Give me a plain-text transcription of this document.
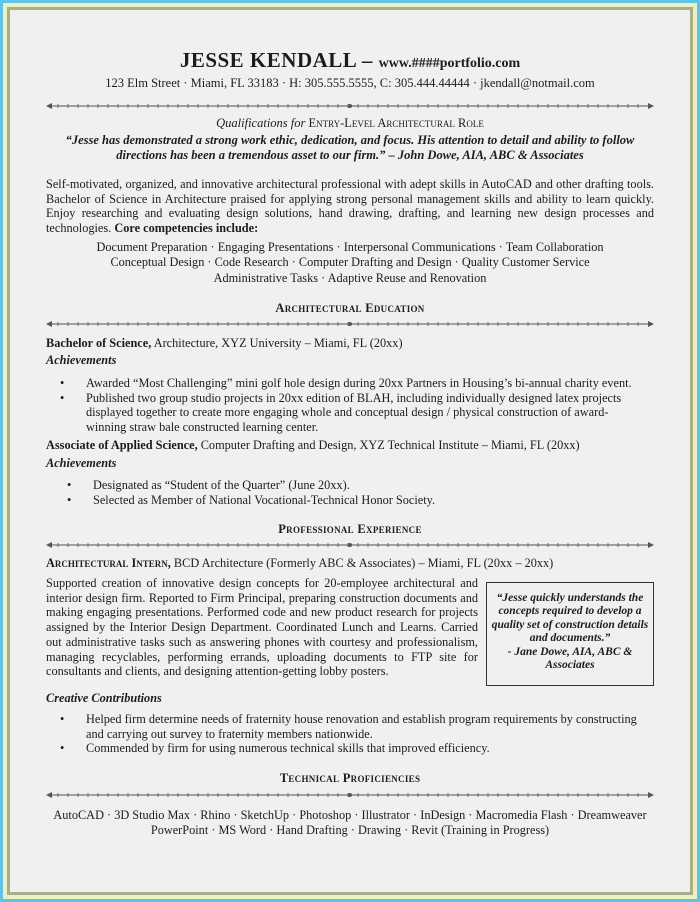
JESSE KENDALL – www.####portfolio.com
123 Elm Street · Miami, FL 33183 · H: 305.555.5555, C: 305.444.44444 · jkendall@notmail.com
Qualifications for Entry-Level Architectural Role
“Jesse has demonstrated a strong work ethic, dedication, and focus. His attention to detail and ability to follow
directions has been a tremendous asset to our firm.” – John Dowe, AIA, ABC & Associates
Self-motivated, organized, and innovative architectural professional with adept skills in AutoCAD and other drafting tools. Bachelor of Science in Architecture praised for applying strong personal management skills and ability to learn quickly. Enjoy researching and evaluating design solutions, hand drawing, drafting, and learning new design processes and technologies. Core competencies include:
Document Preparation · Engaging Presentations · Interpersonal Communications · Team Collaboration
Conceptual Design · Code Research · Computer Drafting and Design · Quality Customer Service
Administrative Tasks · Adaptive Reuse and Renovation
Architectural Education
Bachelor of Science, Architecture, XYZ University – Miami, FL (20xx)
Achievements
• Awarded “Most Challenging” mini golf hole design during 20xx Partners in Housing’s bi-annual charity event.
• Published two group studio projects in 20xx edition of BLAH, including individually designed latex projects displayed together to create more engaging whole and conceptual design / physical construction of award-winning straw bale constructed learning center.
Associate of Applied Science, Computer Drafting and Design, XYZ Technical Institute – Miami, FL (20xx)
Achievements
• Designated as “Student of the Quarter” (June 20xx).
• Selected as Member of National Vocational-Technical Honor Society.
Professional Experience
Architectural Intern, BCD Architecture (Formerly ABC & Associates) – Miami, FL (20xx – 20xx)
Supported creation of innovative design concepts for 20-employee architectural and interior design firm. Reported to Firm Principal, preparing construction documents and making engaging presentations. Performed code and new product research for projects assigned by the Interior Design Department. Coordinated Lunch and Learns. Carried out administrative tasks such as answering phones with courtesy and professionalism, managing recyclables, performing errands, uploading documents to FTP site for consultants and clients, and designing attention-getting lobby posters.
“Jesse quickly understands the concepts required to develop a quality set of construction details and documents.”
- Jane Dowe, AIA, ABC & Associates
Creative Contributions
• Helped firm determine needs of fraternity house renovation and establish program requirements by constructing and carrying out survey to fraternity members nationwide.
• Commended by firm for using numerous technical skills that improved efficiency.
Technical Proficiencies
AutoCAD · 3D Studio Max · Rhino · SketchUp · Photoshop · Illustrator · InDesign · Macromedia Flash · Dreamweaver
PowerPoint · MS Word · Hand Drafting · Drawing · Revit (Training in Progress)
